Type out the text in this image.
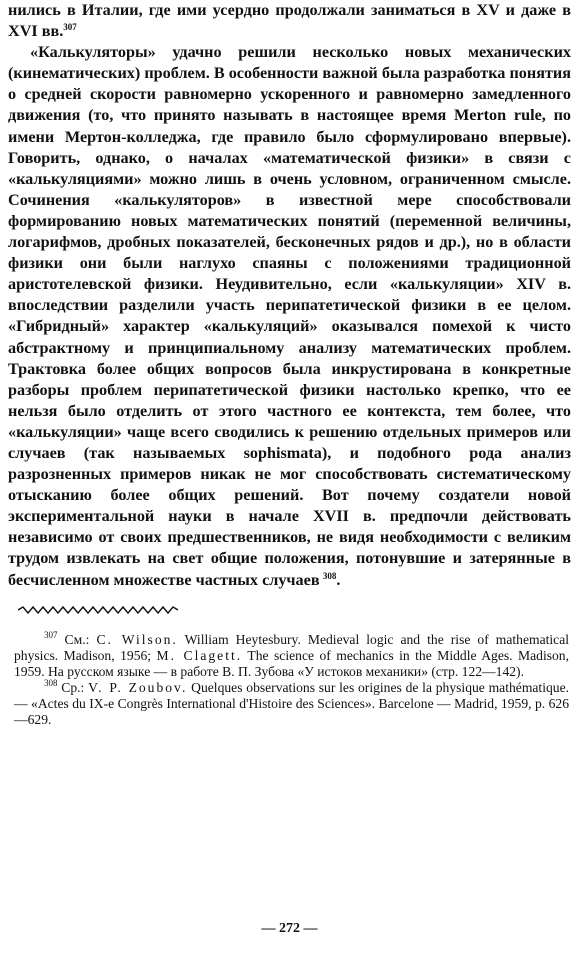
нились в Италии, где ими усердно продолжали заниматься в XV и даже в XVI вв.$^{307}$

«Калькуляторы» удачно решили несколько новых механических (кинематических) проблем. В особенности важной была разработка понятия о средней скорости равномерно ускоренного и равномерно замедленного движения (то, что принято называть в настоящее время Merton rule, по имени Мертон-колледжа, где правило было сформулировано впервые). Говорить, однако, о началах «математической физики» в связи с «калькуляциями» можно лишь в очень условном, ограниченном смысле. Сочинения «калькуляторов» в известной мере способствовали формированию новых математических понятий (переменной величины, логарифмов, дробных показателей, бесконечных рядов и др.), но в области физики они были наглухо спаяны с положениями традиционной аристотелевской физики. Неудивительно, если «калькуляции» XIV в. впоследствии разделили участь перипатетической физики в ее целом. «Гибридный» характер «калькуляций» оказывался помехой к чисто абстрактному и принципиальному анализу математических проблем. Трактовка более общих вопросов была инкрустирована в конкретные разборы проблем перипатетической физики настолько крепко, что ее нельзя было отделить от этого частного ее контекста, тем более, что «калькуляции» чаще всего сводились к решению отдельных примеров или случаев (так называемых sophismata), и подобного рода анализ разрозненных примеров никак не мог способствовать систематическому отысканию более общих решений. Вот почему создатели новой экспериментальной науки в начале XVII в. предпочли действовать независимо от своих предшественников, не видя необходимости с великим трудом извлекать на свет общие положения, потонувшие и затерянные в бесчисленном множестве частных случаев  $^{308}$.

$^{307}$ См.: C. Wilson. William Heytesbury. Medieval logic and the rise of mathematical physics. Madison, 1956; M. Clagett. The science of mechanics in the Middle Ages. Madison, 1959. На русском языке — в работе В. П. Зубова «У истоков механики» (стр. 122—142).

$^{308}$ Ср.: V. P. Zoubov. Quelques observations sur les origines de la physique mathématique.— «Actes du IX-e Congrès International d'Histoire des Sciences». Barcelone — Madrid, 1959, p. 626—629.

— 272 —
